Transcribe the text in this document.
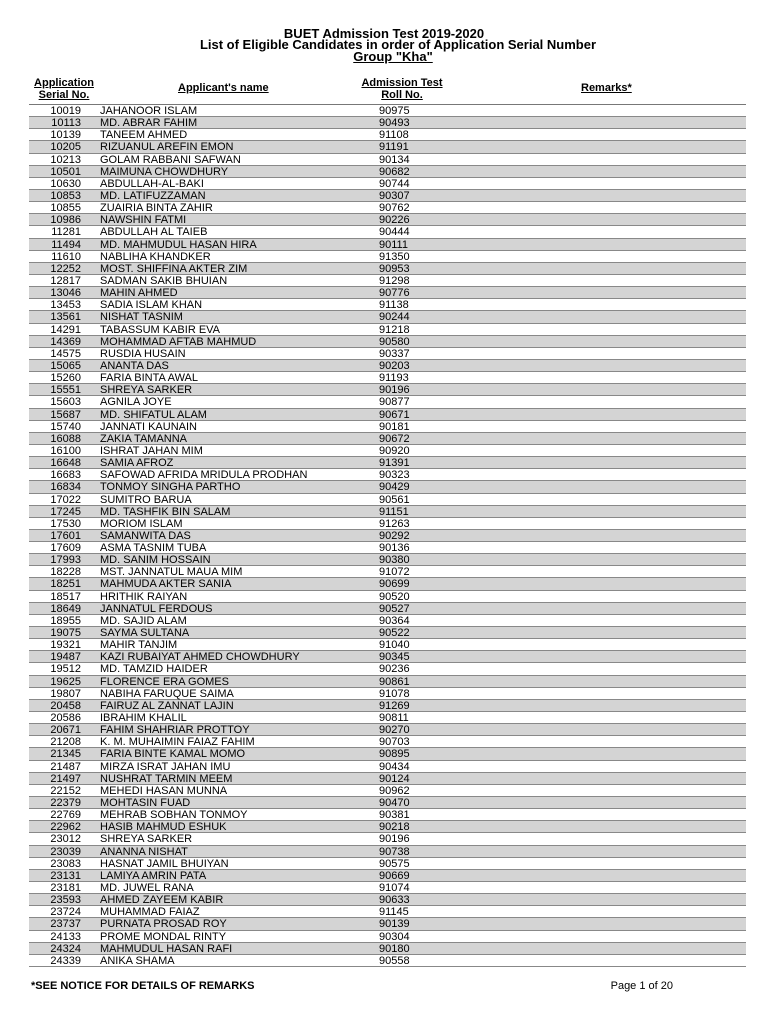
BUET Admission Test 2019-2020
List of Eligible Candidates in order of Application Serial Number
Group "Kha"
Application
Serial No.
Applicant's name	Admission Test
Roll No.
Remarks*
10019 JAHANOOR ISLAM	90975
10113 MD. ABRAR FAHIM	90493
10139 TANEEM AHMED	91108
10205 RIZUANUL AREFIN EMON	91191
10213 GOLAM RABBANI SAFWAN	90134
10501 MAIMUNA CHOWDHURY	90682
10630 ABDULLAH-AL-BAKI	90744
10853 MD. LATIFUZZAMAN	90307
10855 ZUAIRIA BINTA ZAHIR	90762
10986 NAWSHIN FATMI	90226
11281 ABDULLAH AL TAIEB	90444
11494 MD. MAHMUDUL HASAN HIRA	90111
11610 NABLIHA KHANDKER	91350
12252 MOST. SHIFFINA AKTER ZIM	90953
12817 SADMAN SAKIB BHUIAN	91298
13046 MAHIN AHMED	90776
13453 SADIA ISLAM KHAN	91138
13561 NISHAT TASNIM	90244
14291 TABASSUM KABIR EVA	91218
14369 MOHAMMAD AFTAB MAHMUD	90580
14575 RUSDIA HUSAIN	90337
15065 ANANTA DAS	90203
15260 FARIA BINTA AWAL	91193
15551 SHREYA SARKER	90196
15603 AGNILA JOYE	90877
15687 MD. SHIFATUL ALAM	90671
15740 JANNATI KAUNAIN	90181
16088 ZAKIA TAMANNA	90672
16100 ISHRAT JAHAN MIM	90920
16648 SAMIA AFROZ	91391
16683 SAFOWAD AFRIDA MRIDULA PRODHAN	90323
16834 TONMOY SINGHA PARTHO	90429
17022 SUMITRO BARUA	90561
17245 MD. TASHFIK BIN SALAM	91151
17530 MORIOM ISLAM	91263
17601 SAMANWITA DAS	90292
17609 ASMA TASNIM TUBA	90136
17993 MD. SANIM HOSSAIN	90380
18228 MST. JANNATUL MAUA MIM	91072
18251 MAHMUDA AKTER SANIA	90699
18517 HRITHIK RAIYAN	90520
18649 JANNATUL FERDOUS	90527
18955 MD. SAJID ALAM	90364
19075 SAYMA SULTANA	90522
19321 MAHIR TANJIM	91040
19487 KAZI RUBAIYAT AHMED CHOWDHURY	90345
19512 MD. TAMZID HAIDER	90236
19625 FLORENCE ERA GOMES	90861
19807 NABIHA FARUQUE SAIMA	91078
20458 FAIRUZ AL ZANNAT LAJIN	91269
20586 IBRAHIM KHALIL	90811
20671 FAHIM SHAHRIAR PROTTOY	90270
21208 K. M. MUHAIMIN FAIAZ FAHIM	90703
21345 FARIA BINTE KAMAL MOMO	90895
21487 MIRZA ISRAT JAHAN IMU	90434
21497 NUSHRAT TARMIN MEEM	90124
22152 MEHEDI HASAN MUNNA	90962
22379 MOHTASIN FUAD	90470
22769 MEHRAB SOBHAN TONMOY	90381
22962 HASIB MAHMUD ESHUK	90218
23012 SHREYA SARKER	90196
23039 ANANNA NISHAT	90738
23083 HASNAT JAMIL BHUIYAN	90575
23131 LAMIYA AMRIN PATA	90669
23181 MD. JUWEL RANA	91074
23593 AHMED ZAYEEM KABIR	90633
23724 MUHAMMAD FAIAZ	91145
23737 PURNATA PROSAD ROY	90139
24133 PROME MONDAL RINTY	90304
24324 MAHMUDUL HASAN RAFI	90180
24339 ANIKA SHAMA	90558
*SEE NOTICE FOR DETAILS OF REMARKS	Page 1 of 20
